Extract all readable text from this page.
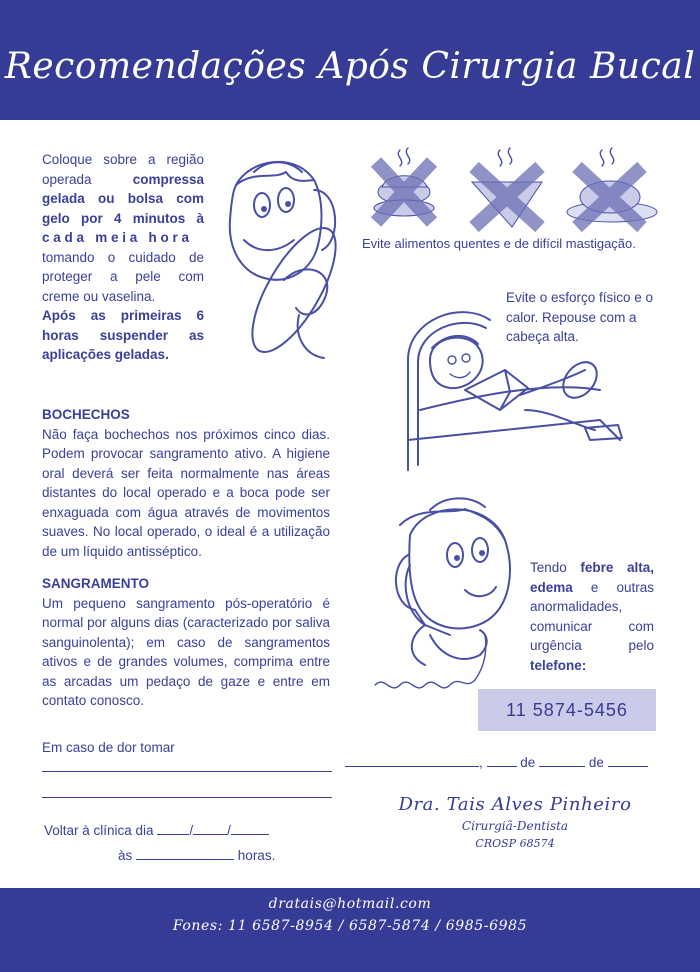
Recomendações Após Cirurgia Bucal
Coloque sobre a região
operada	compressa
gelada ou bolsa com
gelo por 4 minutos à
c a d a   m e i a   h o r a
tomando o cuidado de
proteger a pele com
creme ou vaselina.
Após as primeiras 6
horas suspender as
aplicações geladas.
Evite alimentos quentes e de difícil mastigação.
Evite o esforço físico e o calor. Repouse com a cabeça alta.
Tendo febre alta, edema e outras anormalidades, comunicar com urgência pelo telefone:
11 5874-5456
BOCHECHOS
Não faça bochechos nos próximos cinco dias. Podem provocar sangramento ativo. A higiene oral deverá ser feita normalmente nas áreas distantes do local operado e a boca pode ser enxaguada com água através de movimentos suaves. No local operado, o ideal é a utilização de um líquido antisséptico.
SANGRAMENTO
Um pequeno sangramento pós-operatório é normal por alguns dias (caracterizado por saliva sanguinolenta); em caso de sangramentos ativos e de grandes volumes, comprima entre as arcadas um pedaço de gaze e entre em contato conosco.
Em caso de dor tomar
Voltar à clínica dia	/	/
às	horas.
,	de	de
Dra. Tais Alves Pinheiro
Cirurgiã-Dentista
CROSP 68574
dratais@hotmail.com
Fones: 11 6587-8954 / 6587-5874 / 6985-6985
